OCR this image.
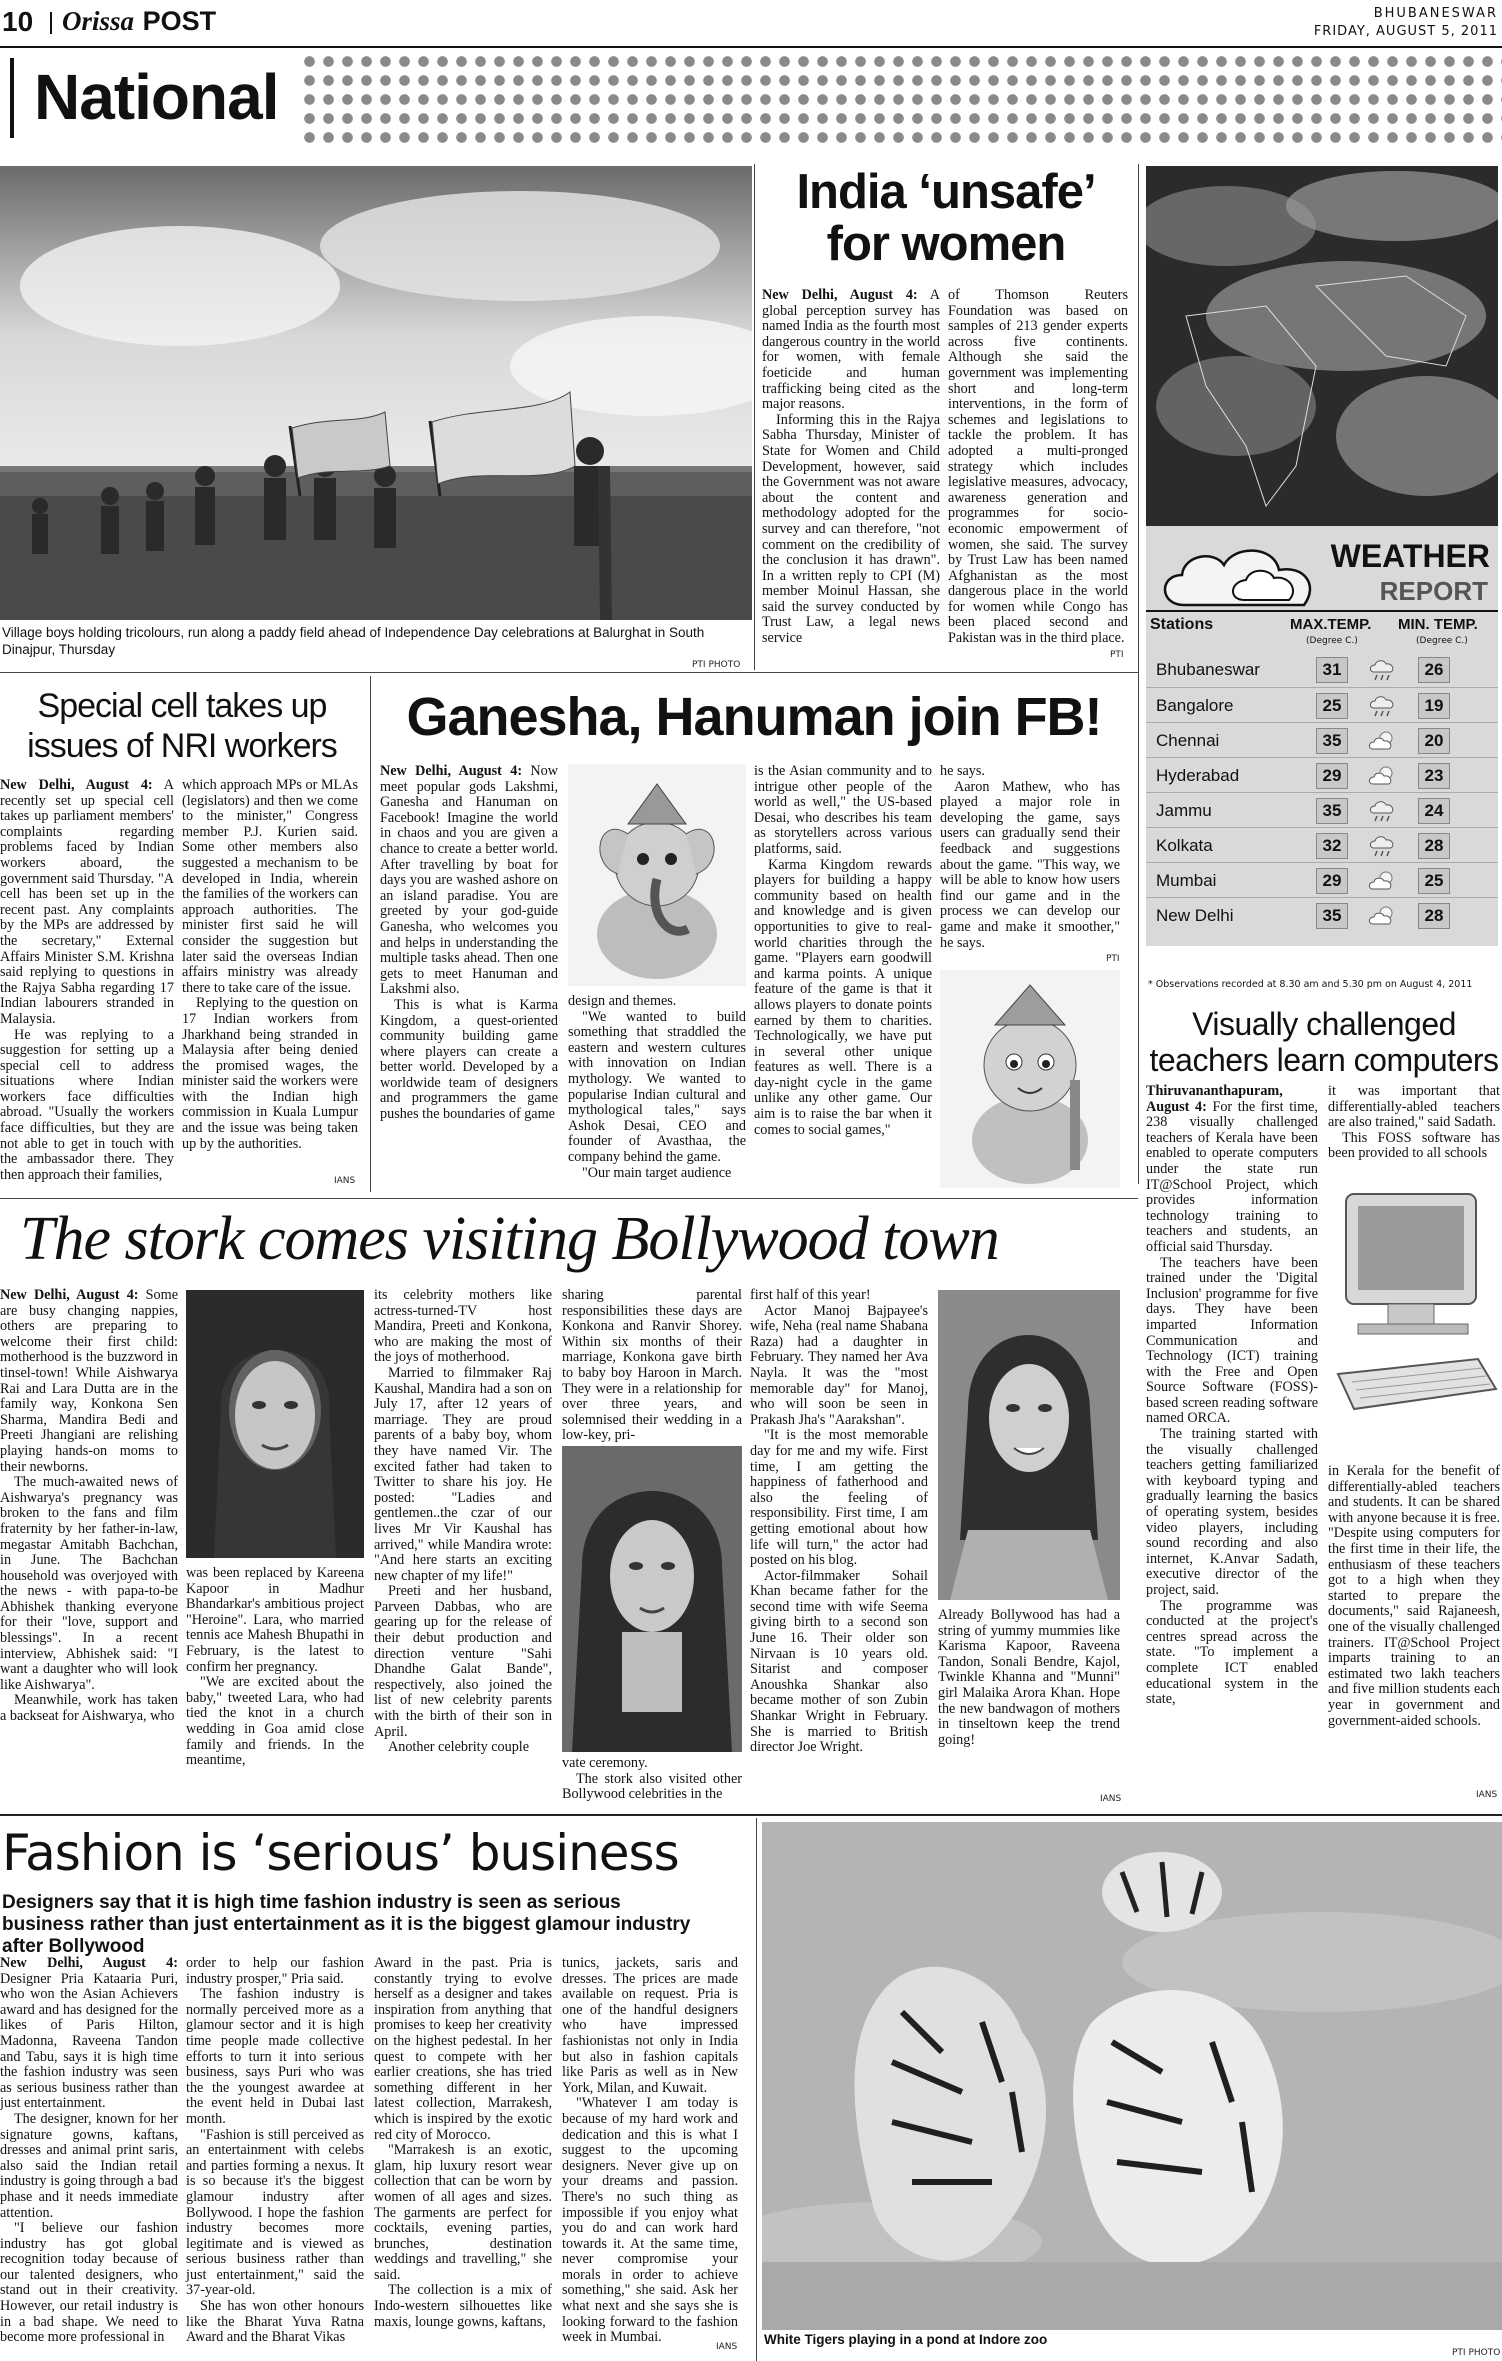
10 Orissa POST	BHUBANESWAR
FRIDAY, AUGUST 5, 2011
National
Village boys holding tricolours, run along a paddy field ahead of Independence Day celebrations at Balurghat in South Dinajpur, Thursday
PTI PHOTO
India ‘unsafe’
for women

New Delhi, August 4: A global perception survey has named India as the fourth most dangerous country in the world for women, with female foeticide and human trafficking being cited as the major reasons.

Informing this in the Rajya Sabha Thursday, Minister of State for Women and Child Development, however, said the Government was not aware about the content and methodology adopted for the survey and can therefore, "not comment on the credibility of the conclusion it has drawn". In a written reply to CPI (M) member Moinul Hassan, she said the survey conducted by Trust Law, a legal news service

of Thomson Reuters Foundation was based on samples of 213 gender experts across five continents. Although she said the government was implementing short and long-term interventions, in the form of schemes and legislations to tackle the problem. It has adopted a multi-pronged strategy which includes legislative measures, advocacy, awareness generation and programmes for socio-economic empowerment of women, she said. The survey by Trust Law has been named Afghanistan as the most dangerous place in the world for women while Congo has been placed second and Pakistan was in the third place.

PTI
WEATHER
REPORT
Stations	MAX.TEMP. MIN. TEMP.
(Degree C.)	(Degree C.)
Bhubaneswar	31	26
Bangalore	25	19
Chennai	35	20
Hyderabad	29	23
Jammu	35	24
Kolkata	32	28
Mumbai	29	25
New Delhi	35	28
* Observations recorded at 8.30 am and 5.30 pm on August 4, 2011
Special cell takes up
issues of NRI workers

New Delhi, August 4: A recently set up special cell takes up parliament members' complaints regarding problems faced by Indian workers aboard, the government said Thursday. "A cell has been set up in the recent past. Any complaints by the MPs are addressed by the secretary," External Affairs Minister S.M. Krishna said replying to questions in the Rajya Sabha regarding 17 Indian labourers stranded in Malaysia.

He was replying to a suggestion for setting up a special cell to address situations where Indian workers face difficulties abroad. "Usually the workers face difficulties, but they are not able to get in touch with the ambassador there. They then approach their families,

which approach MPs or MLAs (legislators) and then we come to the minister," Congress member P.J. Kurien said. Some other members also suggested a mechanism to be developed in India, wherein the families of the workers can approach authorities. The minister first said he will consider the suggestion but later said the overseas Indian affairs ministry was already there to take care of the issue.

Replying to the question on 17 Indian workers from Jharkhand being stranded in Malaysia after being denied the promised wages, the minister said the workers were with the Indian high commission in Kuala Lumpur and the issue was being taken up by the authorities.

IANS
Ganesha, Hanuman join FB!

New Delhi, August 4: Now meet popular gods Lakshmi, Ganesha and Hanuman on Facebook! Imagine the world in chaos and you are given a chance to create a better world. After travelling by boat for days you are washed ashore on an island paradise. You are greeted by your god-guide Ganesha, who welcomes you and helps in understanding the multiple tasks ahead. Then one gets to meet Hanuman and Lakshmi also.

This is what is Karma Kingdom, a quest-oriented community building game where players can create a better world. Developed by a worldwide team of designers and programmers the game pushes the boundaries of game

design and themes.

"We wanted to build something that straddled the eastern and western cultures with innovation on Indian mythology. We wanted to popularise Indian cultural and mythological tales," says Ashok Desai, CEO and founder of Avasthaa, the company behind the game.

"Our main target audience

is the Asian community and to intrigue other people of the world as well," the US-based Desai, who describes his team as storytellers across various platforms, said.

Karma Kingdom rewards players for building a happy community based on health and knowledge and is given opportunities to give to real-world charities through the game. "Players earn goodwill and karma points. A unique feature of the game is that it allows players to donate points earned by them to charities. Technologically, we have put in several other unique features as well. There is a day-night cycle in the game unlike any other game. Our aim is to raise the bar when it comes to social games,"

he says.

Aaron Mathew, who has played a major role in developing the game, says users can gradually send their feedback and suggestions about the game. "This way, we will be able to know how users find our game and in the process we can develop our game and make it smoother," he says.

PTI
Visually challenged
teachers learn computers

Thiruvananthapuram, August 4: For the first time, 238 visually challenged teachers of Kerala have been enabled to operate computers under the state run IT@School Project, which provides information technology training to teachers and students, an official said Thursday.

The teachers have been trained under the 'Digital Inclusion' programme for five days. They have been imparted Information Communication and Technology (ICT) training with the Free and Open Source Software (FOSS)-based screen reading software named ORCA.

The training started with the visually challenged teachers getting familiarized with keyboard typing and gradually learning the basics of operating system, besides video players, including sound recording and also internet, K.Anvar Sadath, executive director of the project, said.

The programme was conducted at the project's centres spread across the state. "To implement a complete ICT enabled educational system in the state,

it was important that differentially-abled teachers are also trained," said Sadath.

This FOSS software has been provided to all schools

in Kerala for the benefit of differentially-abled teachers and students. It can be shared with anyone because it is free. "Despite using computers for the first time in their life, the enthusiasm of these teachers got to a high when they started to prepare the documents," said Rajaneesh, one of the visually challenged trainers. IT@School Project imparts training to an estimated two lakh teachers and five million students each year in government and government-aided schools.

IANS
The stork comes visiting Bollywood town

New Delhi, August 4: Some are busy changing nappies, others are preparing to welcome their first child: motherhood is the buzzword in tinsel-town! While Aishwarya Rai and Lara Dutta are in the family way, Konkona Sen Sharma, Mandira Bedi and Preeti Jhangiani are relishing playing hands-on moms to their newborns.

The much-awaited news of Aishwarya's pregnancy was broken to the fans and film fraternity by her father-in-law, megastar Amitabh Bachchan, in June. The Bachchan household was overjoyed with the news - with papa-to-be Abhishek thanking everyone for their "love, support and blessings". In a recent interview, Abhishek said: "I want a daughter who will look like Aishwarya".

Meanwhile, work has taken a backseat for Aishwarya, who

was been replaced by Kareena Kapoor in Madhur Bhandarkar's ambitious project "Heroine". Lara, who married tennis ace Mahesh Bhupathi in February, is the latest to confirm her pregnancy.

"We are excited about the baby," tweeted Lara, who had tied the knot in a church wedding in Goa amid close family and friends. In the meantime,

its celebrity mothers like actress-turned-TV host Mandira, Preeti and Konkona, who are making the most of the joys of motherhood.

Married to filmmaker Raj Kaushal, Mandira had a son on July 17, after 12 years of marriage. They are proud parents of a baby boy, whom they have named Vir. The excited father had taken to Twitter to share his joy. He posted: "Ladies and gentlemen..the czar of our lives Mr Vir Kaushal has arrived," while Mandira wrote: "And here starts an exciting new chapter of my life!"

Preeti and her husband, Parveen Dabbas, who are gearing up for the release of their debut production and direction venture "Sahi Dhandhe Galat Bande", respectively, also joined the list of new celebrity parents with the birth of their son in April.

Another celebrity couple

sharing parental responsibilities these days are Konkona and Ranvir Shorey. Within six months of their marriage, Konkona gave birth to baby boy Haroon in March. They were in a relationship for over three years, and solemnised their wedding in a low-key, pri-

vate ceremony.

The stork also visited other Bollywood celebrities in the

first half of this year!

Actor Manoj Bajpayee's wife, Neha (real name Shabana Raza) had a daughter in February. They named her Ava Nayla. It was the "most memorable day" for Manoj, who will soon be seen in Prakash Jha's "Aarakshan".

"It is the most memorable day for me and my wife. First time, I am getting the happiness of fatherhood and also the feeling of responsibility. First time, I am getting emotional about how life will turn," the actor had posted on his blog.

Actor-filmmaker Sohail Khan became father for the second time with wife Seema giving birth to a second son June 16. Their older son Nirvaan is 10 years old. Sitarist and composer Anoushka Shankar also became mother of son Zubin Shankar Wright in February. She is married to British director Joe Wright.

Already Bollywood has had a string of yummy mummies like Karisma Kapoor, Raveena Tandon, Sonali Bendre, Kajol, Twinkle Khanna and "Munni" girl Malaika Arora Khan. Hope the new bandwagon of mothers in tinseltown keep the trend going!

IANS
Fashion is ‘serious’ business
Designers say that it is high time fashion industry is seen as serious business rather than just entertainment as it is the biggest glamour industry after Bollywood

New Delhi, August 4: Designer Pria Kataaria Puri, who won the Asian Achievers award and has designed for the likes of Paris Hilton, Madonna, Raveena Tandon and Tabu, says it is high time the fashion industry was seen as serious business rather than just entertainment.

The designer, known for her signature gowns, kaftans, dresses and animal print saris, also said the Indian retail industry is going through a bad phase and it needs immediate attention.

"I believe our fashion industry has got global recognition today because of our talented designers, who stand out in their creativity. However, our retail industry is in a bad shape. We need to become more professional in

order to help our fashion industry prosper," Pria said.

The fashion industry is normally perceived more as a glamour sector and it is high time people made collective efforts to turn it into serious business, says Puri who was the the youngest awardee at the event held in Dubai last month.

"Fashion is still perceived as an entertainment with celebs and parties forming a nexus. It is so because it's the biggest glamour industry after Bollywood. I hope the fashion industry becomes more legitimate and is viewed as serious business rather than just entertainment," said the 37-year-old.

She has won other honours like the Bharat Yuva Ratna Award and the Bharat Vikas

Award in the past. Pria is constantly trying to evolve herself as a designer and takes inspiration from anything that promises to keep her creativity on the highest pedestal. In her quest to compete with her earlier creations, she has tried something different in her latest collection, Marrakesh, which is inspired by the exotic red city of Morocco.

"Marrakesh is an exotic, glam, hip luxury resort wear collection that can be worn by women of all ages and sizes. The garments are perfect for cocktails, evening parties, brunches, destination weddings and travelling," she said.

The collection is a mix of Indo-western silhouettes like maxis, lounge gowns, kaftans,

tunics, jackets, saris and dresses. The prices are made available on request. Pria is one of the handful designers who have impressed fashionistas not only in India but also in fashion capitals like Paris as well as in New York, Milan, and Kuwait.

"Whatever I am today is because of my hard work and dedication and this is what I suggest to the upcoming designers. Never give up on your dreams and passion. There's no such thing as impossible if you enjoy what you do and can work hard towards it. At the same time, never compromise your morals in order to achieve something," she said. Ask her what next and she says she is looking forward to the fashion week in Mumbai.

IANS White Tigers playing in a pond at Indore zoo
PTI PHOTO
